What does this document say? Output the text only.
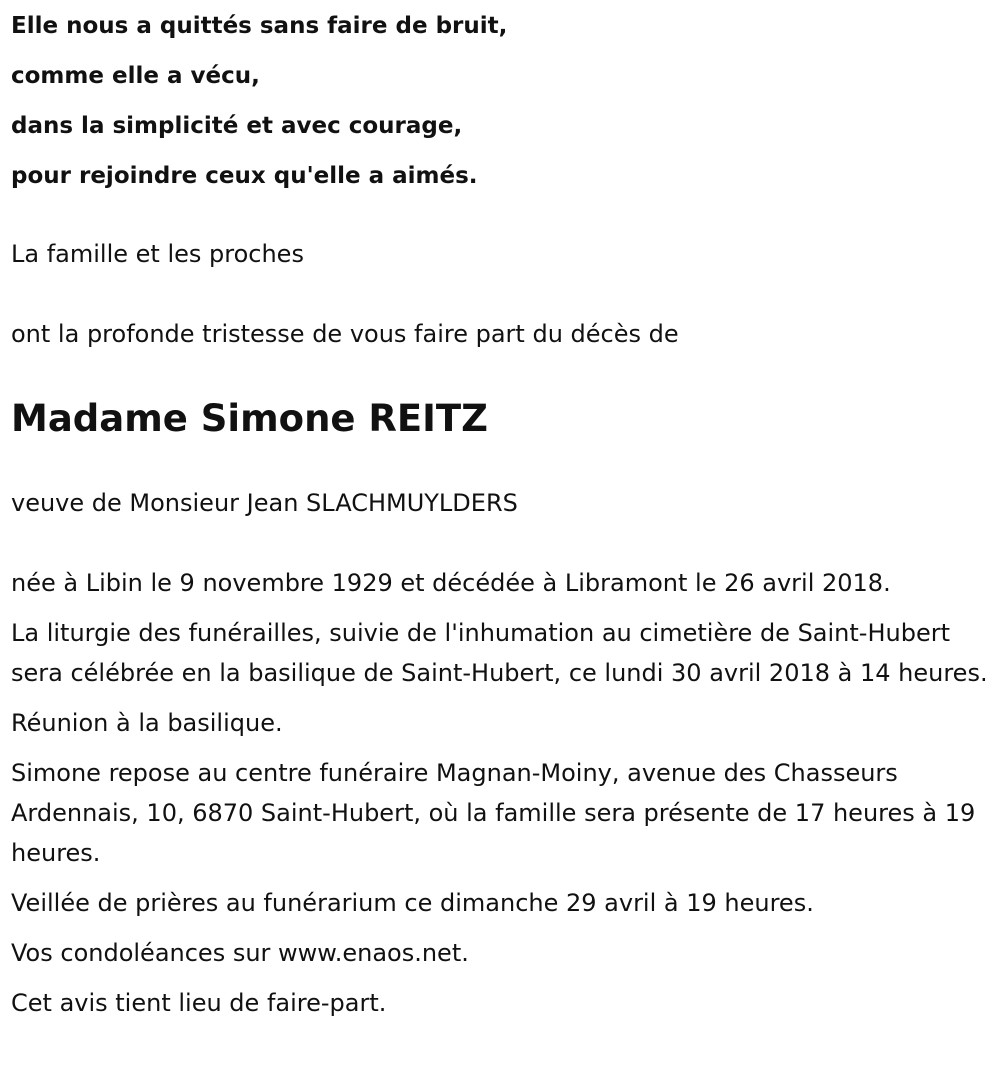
Elle nous a quittés sans faire de bruit,
comme elle a vécu,
dans la simplicité et avec courage,
pour rejoindre ceux qu'elle a aimés.

La famille et les proches

ont la profonde tristesse de vous faire part du décès de

Madame Simone REITZ

veuve de Monsieur Jean SLACHMUYLDERS

née à Libin le 9 novembre 1929 et décédée à Libramont le 26 avril 2018.

La liturgie des funérailles, suivie de l'inhumation au cimetière de Saint-Hubert sera célébrée en la basilique de Saint-Hubert, ce lundi 30 avril 2018 à 14 heures.

Réunion à la basilique.

Simone repose au centre funéraire Magnan-Moiny, avenue des Chasseurs Ardennais, 10, 6870 Saint-Hubert, où la famille sera présente de 17 heures à 19 heures.

Veillée de prières au funérarium ce dimanche 29 avril à 19 heures.

Vos condoléances sur www.enaos.net.

Cet avis tient lieu de faire-part.
